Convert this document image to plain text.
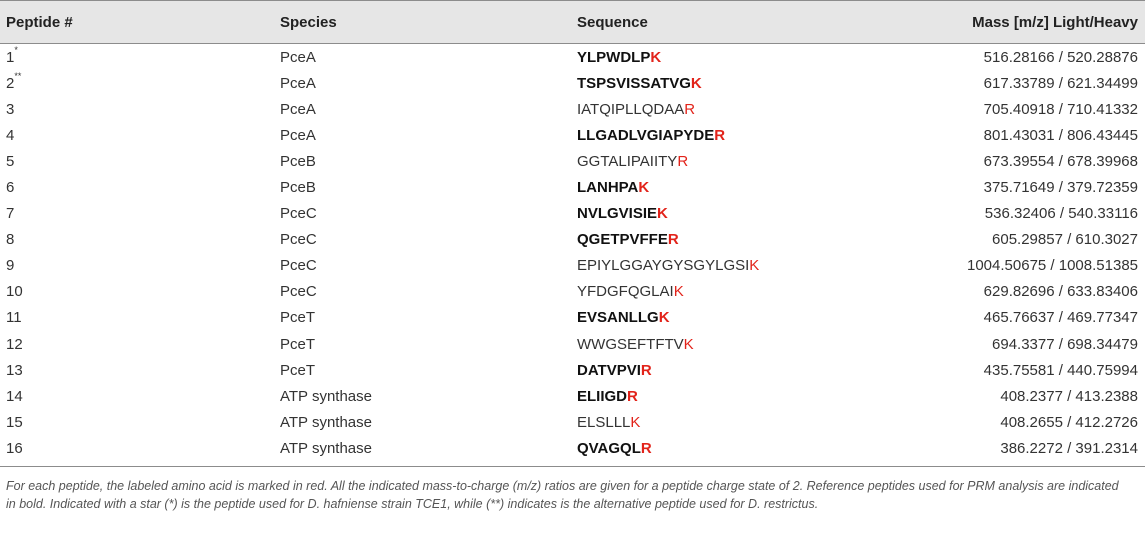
Peptide #	Species	Sequence	Mass [m/z] Light/Heavy
1*	PceA	YLPWDLPK	516.28166 / 520.28876
2**	PceA	TSPSVISSATVGK	617.33789 / 621.34499
3	PceA	IATQIPLLQDAAR	705.40918 / 710.41332
4	PceA	LLGADLVGIAPYDER	801.43031 / 806.43445
5	PceB	GGTALIPAIITYR	673.39554 / 678.39968
6	PceB	LANHPAK	375.71649 / 379.72359
7	PceC	NVLGVISIEK	536.32406 / 540.33116
8	PceC	QGETPVFFER	605.29857 / 610.3027
9	PceC	EPIYLGGAYGYSGYLGSIK	1004.50675 / 1008.51385
10	PceC	YFDGFQGLAIK	629.82696 / 633.83406
11	PceT	EVSANLLGK	465.76637 / 469.77347
12	PceT	WWGSEFTFTVK	694.3377 / 698.34479
13	PceT	DATVPVIR	435.75581 / 440.75994
14	ATP synthase	ELIIGDR	408.2377 / 413.2388
15	ATP synthase	ELSLLLK	408.2655 / 412.2726
16	ATP synthase	QVAGQLR	386.2272 / 391.2314
For each peptide, the labeled amino acid is marked in red. All the indicated mass-to-charge (m/z) ratios are given for a peptide charge state of 2. Reference peptides used for PRM analysis are indicated in bold. Indicated with a star (*) is the peptide used for D. hafniense strain TCE1, while (**) indicates is the alternative peptide used for D. restrictus.
